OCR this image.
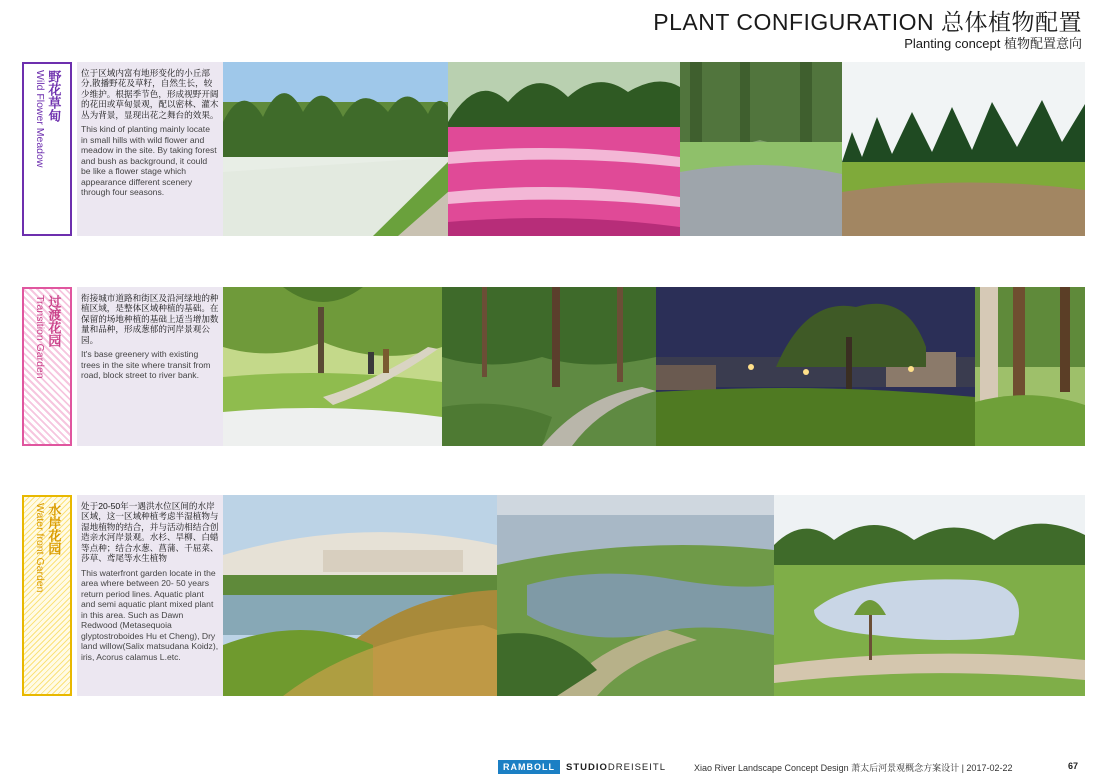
PLANT CONFIGURATION 总体植物配置
Planting concept 植物配置意向
野花草甸
Wild Flower Meadow	位于区域内富有地形变化的小丘部分,散播野花及草籽，自然生长，较少维护。根据季节色，形成视野开阔的花田或草甸景观，配以密林、灌木丛为背景，显现出花之舞台的效果。

This kind of planting mainly locate in small hills with wild flower and meadow in the site. By taking forest and bush as background, it could be like a flower stage which appearance different scenery through four seasons.

过渡花园
Transition Garden	衔接城市道路和街区及沿河绿地的种植区域，是整体区域种植的基础。在保留的场地种植的基础上适当增加数量和品种，形成葱郁的河岸景观公园。

It's base greenery with existing trees in the site where transit from road, block street to river bank.

水岸花园
Water front Garden	处于20-50年一遇洪水位区间的水岸区域，这一区域种植考虑半湿植物与湿地植物的结合，并与活动相结合创造亲水河岸景观。水杉、旱柳、白蜡等点种；结合水葱、菖蒲、千屈菜、莎草、鸢尾等水生植物

This waterfront garden locate in the area where between 20- 50 years return period lines. Aquatic plant and semi aquatic plant mixed plant in this area. Such as Dawn Redwood (Metasequoia glyptostroboides Hu et Cheng), Dry land willow(Salix matsudana Koidz), iris, Acorus calamus L.etc.

RAMBOLL	STUDIODREISEITL	Xiao River Landscape Concept Design 萧太后河景观概念方案设计 | 2017-02-22	67
